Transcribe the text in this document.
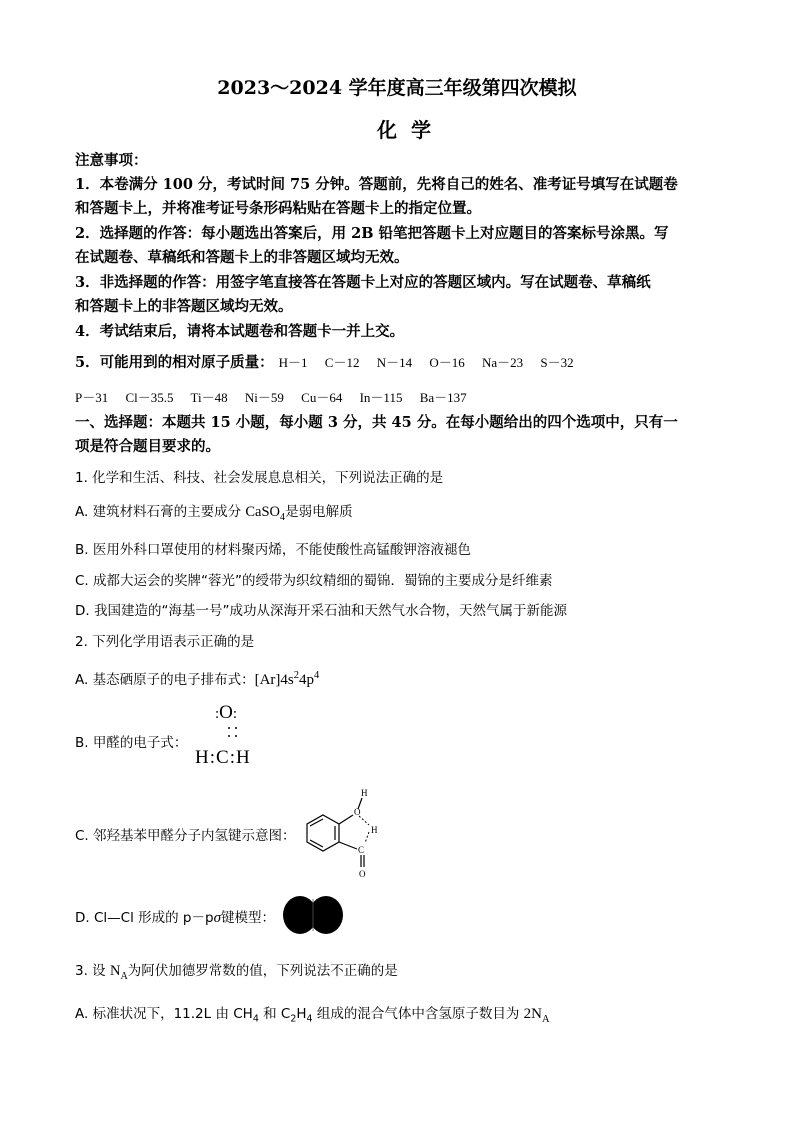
2023～2024 学年度高三年级第四次模拟
化学
注意事项：
1．本卷满分 100 分，考试时间 75 分钟。答题前，先将自己的姓名、准考证号填写在试题卷
和答题卡上，并将准考证号条形码粘贴在答题卡上的指定位置。
2．选择题的作答：每小题选出答案后，用 2B 铅笔把答题卡上对应题目的答案标号涂黑。写
在试题卷、草稿纸和答题卡上的非答题区域均无效。
3．非选择题的作答：用签字笔直接答在答题卡上对应的答题区域内。写在试题卷、草稿纸
和答题卡上的非答题区域均无效。
4．考试结束后，请将本试题卷和答题卡一并上交。
5．可能用到的相对原子质量： H－1 C－12 N－14 O－16 Na－23 S－32
P－31 Cl－35.5 Ti－48 Ni－59 Cu－64 In－115 Ba－137
一、选择题：本题共 15 小题，每小题 3 分，共 45 分。在每小题给出的四个选项中，只有一
项是符合题目要求的。
1. 化学和生活、科技、社会发展息息相关，下列说法正确的是
A. 建筑材料石膏的主要成分 CaSO$_4$是弱电解质
B. 医用外科口罩使用的材料聚丙烯，不能使酸性高锰酸钾溶液褪色
C. 成都大运会的奖牌“蓉光”的绶带为织纹精细的蜀锦．蜀锦的主要成分是纤维素
D. 我国建造的“海基一号”成功从深海开采石油和天然气水合物，天然气属于新能源
2. 下列化学用语表示正确的是
A. 基态硒原子的电子排布式：$[Ar]4s^24p^4$
B. 甲醛的电子式：
:O:
H:C:H
C. 邻羟基苯甲醛分子内氢键示意图：
H
O
H
C
O
D. Cl—Cl 形成的 p－pσ键模型：
3. 设 $N_A$为阿伏加德罗常数的值，下列说法不正确的是
A. 标准状况下，11.2L 由 $CH_4$ 和 $C_2H_4$ 组成的混合气体中含氢原子数目为 $2N_A$
